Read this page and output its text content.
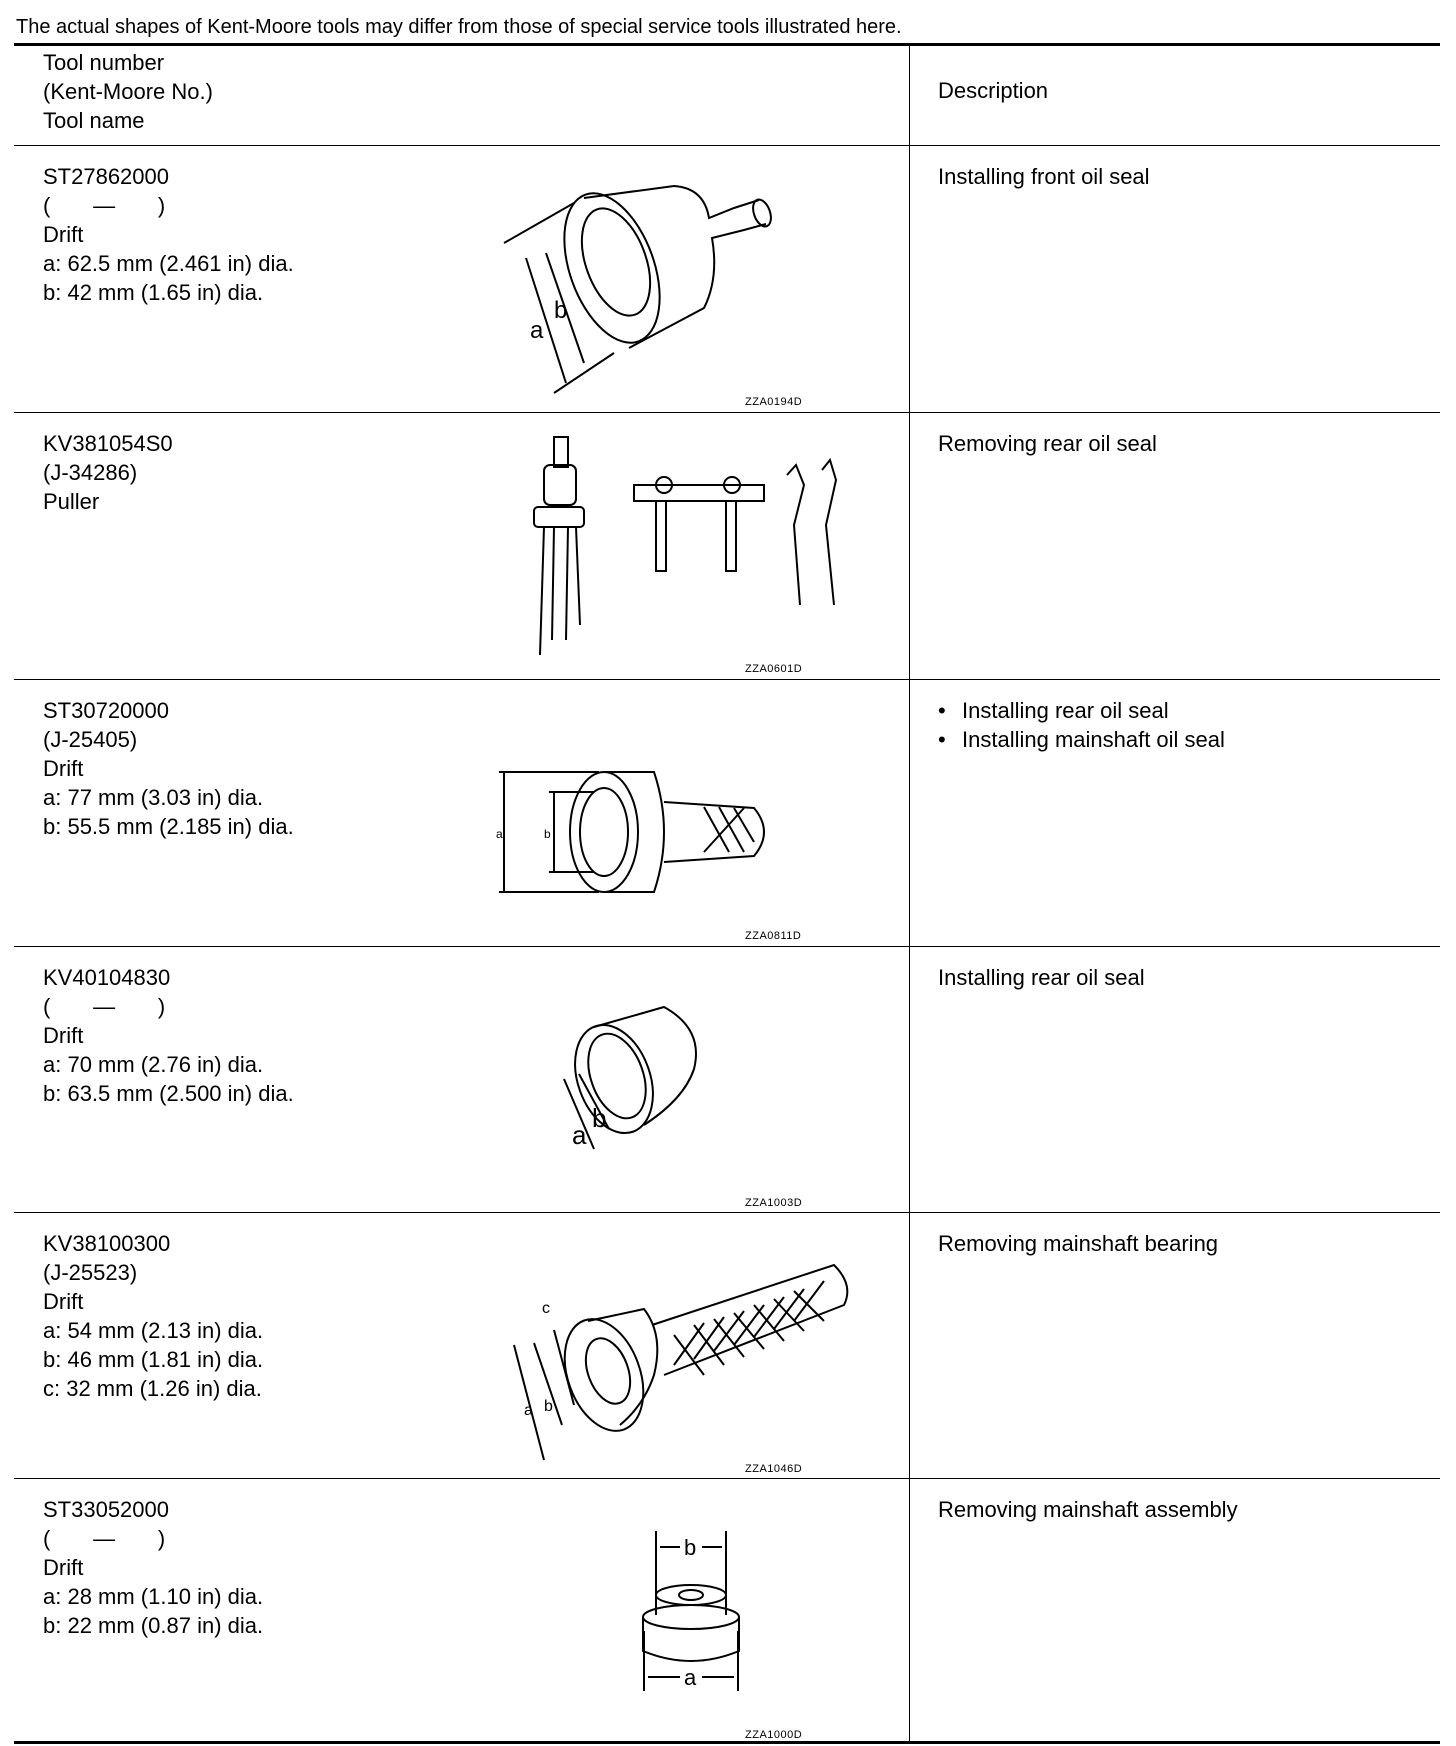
The actual shapes of Kent-Moore tools may differ from those of special service tools illustrated here.
Tool number
(Kent-Moore No.)
Tool name
Description
ST27862000
(       —       )
Drift
a: 62.5 mm (2.461 in) dia.
b: 42 mm (1.65 in) dia.
a
b
ZZA0194D
Installing front oil seal
KV381054S0
(J-34286)
Puller
ZZA0601D
Removing rear oil seal
ST30720000
(J-25405)
Drift
a: 77 mm (3.03 in) dia.
b: 55.5 mm (2.185 in) dia.	a	b
ZZA0811D
• Installing rear oil seal
• Installing mainshaft oil seal
KV40104830
(       —       )
Drift
a: 70 mm (2.76 in) dia.
b: 63.5 mm (2.500 in) dia.
a
b
ZZA1003D
Installing rear oil seal
KV38100300
(J-25523)
Drift
a: 54 mm (2.13 in) dia.
b: 46 mm (1.81 in) dia.
c: 32 mm (1.26 in) dia.
a b
c
ZZA1046D
Removing mainshaft bearing
ST33052000
(       —       )
Drift
a: 28 mm (1.10 in) dia.
b: 22 mm (0.87 in) dia.
b
a
ZZA1000D
Removing mainshaft assembly
